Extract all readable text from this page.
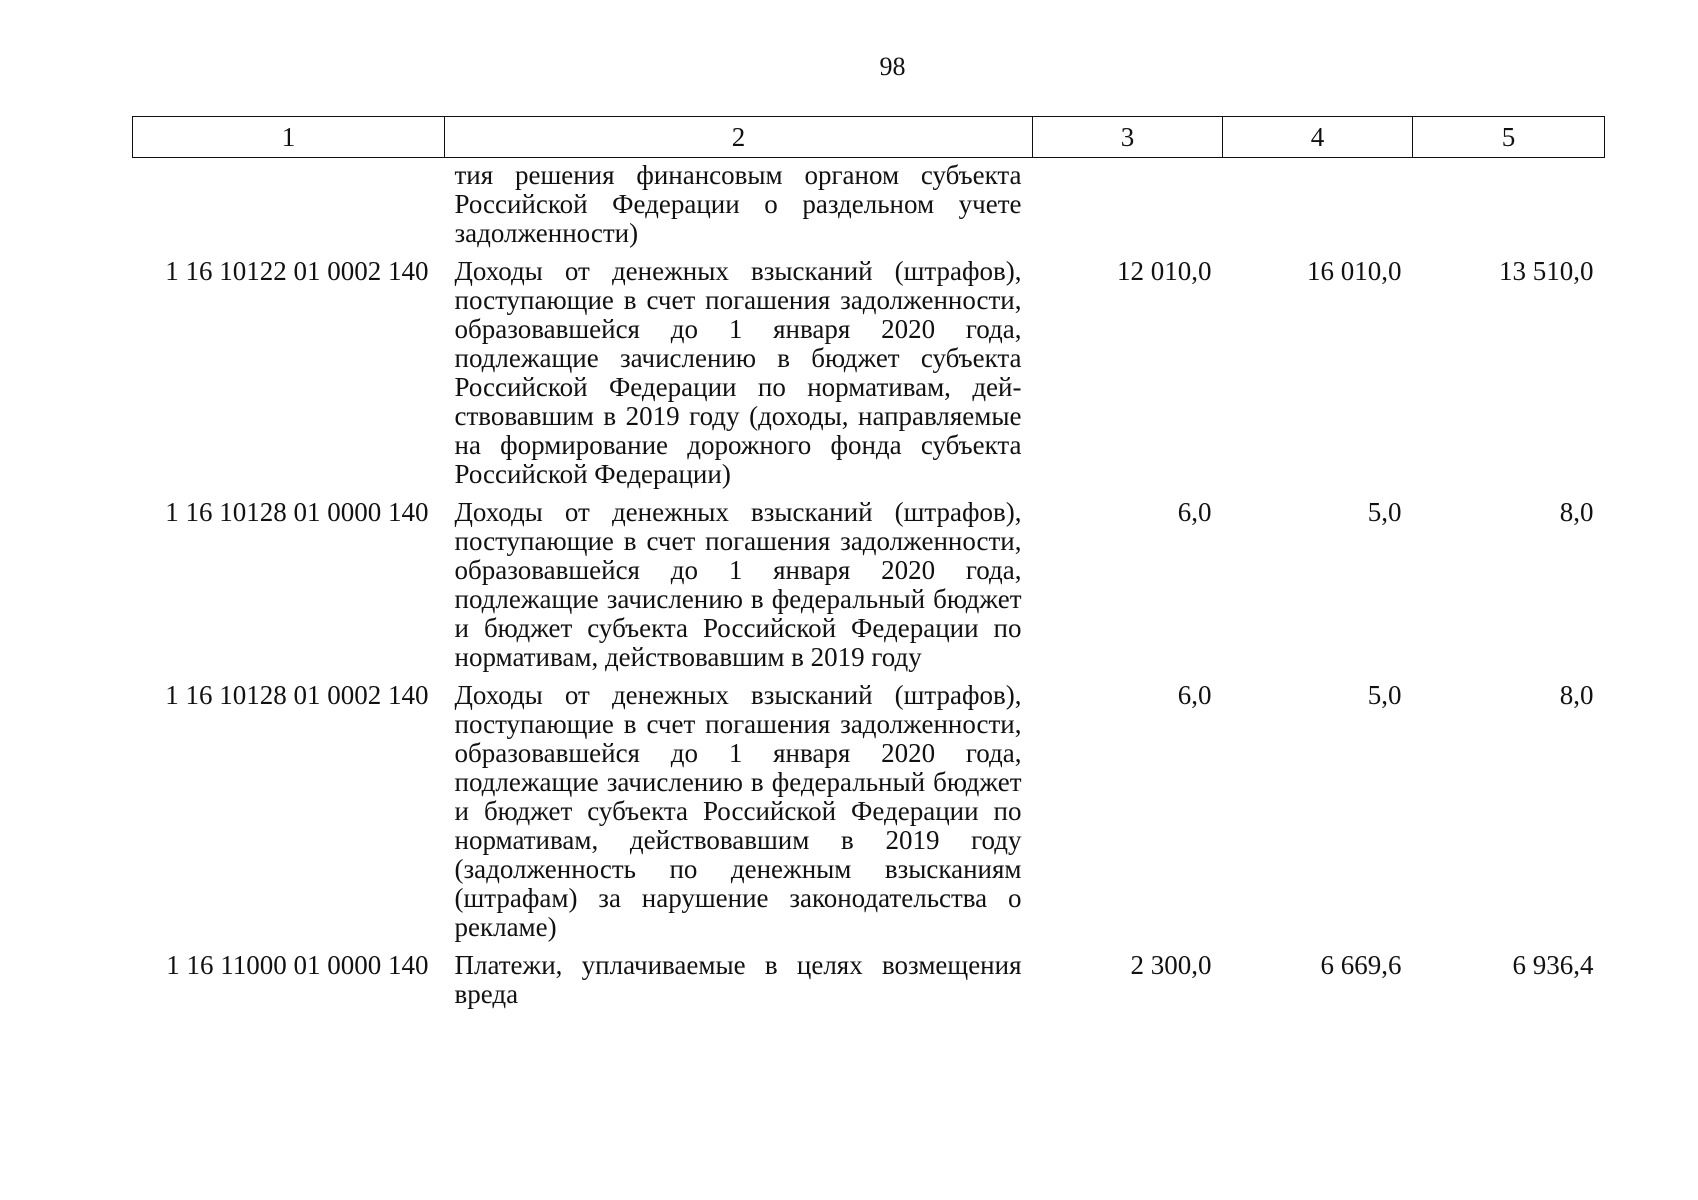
98
1	2	3	4	5
	тия решения финансовым органом субъекта Российской Федерации о раздельном учете задолженности)			
1 16 10122 01 0002 140	Доходы от денежных взысканий (штрафов), поступающие в счет погашения задолженности, образовавшейся до 1 января 2020 года, подлежащие зачислению в бюджет субъекта Российской Федерации по нормативам, действовавшим в 2019 году (доходы, направляемые на формирование дорожного фонда субъекта Российской Федерации)	12 010,0	16 010,0	13 510,0
1 16 10128 01 0000 140	Доходы от денежных взысканий (штрафов), поступающие в счет погашения задолженности, образовавшейся до 1 января 2020 года, подлежащие зачислению в федеральный бюджет и бюджет субъекта Российской Федерации по нормативам, действовавшим в 2019 году	6,0	5,0	8,0
1 16 10128 01 0002 140	Доходы от денежных взысканий (штрафов), поступающие в счет погашения задолженности, образовавшейся до 1 января 2020 года, подлежащие зачислению в федеральный бюджет и бюджет субъекта Российской Федерации по нормативам, действовавшим в 2019 году (задолженность по денежным взысканиям (штрафам) за нарушение законодательства о рекламе)	6,0	5,0	8,0
1 16 11000 01 0000 140	Платежи, уплачиваемые в целях возмещения вреда	2 300,0	6 669,6	6 936,4
